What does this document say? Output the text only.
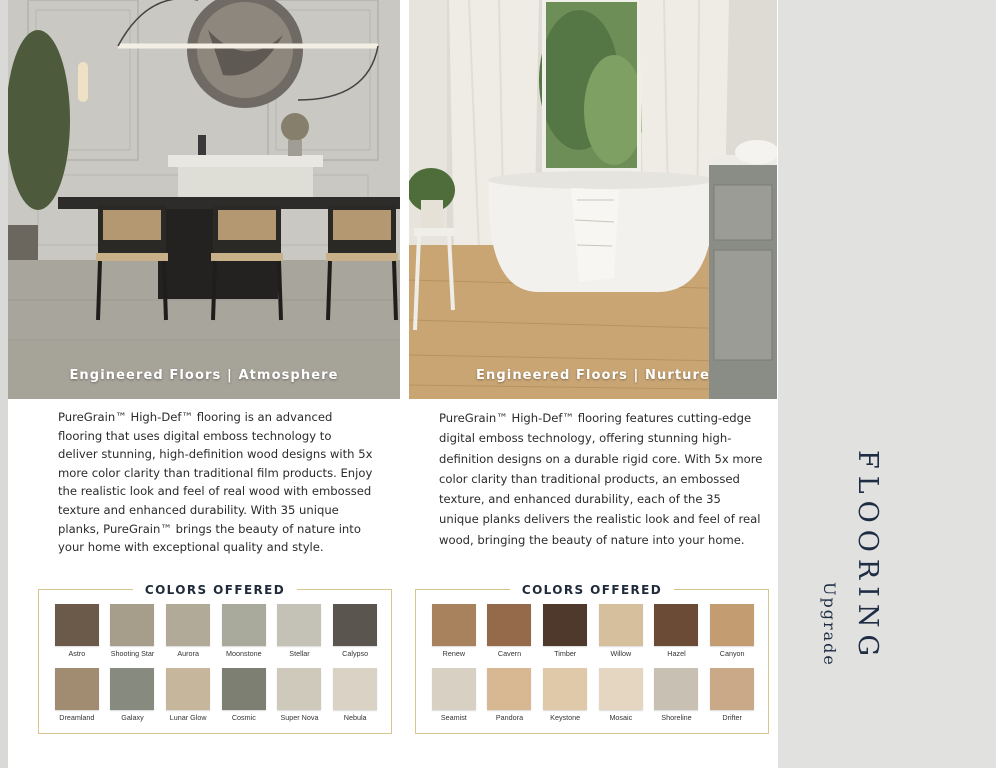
Engineered Floors | Atmosphere
PureGrain™ High-Def™ flooring is an advanced flooring that uses digital emboss technology to deliver stunning, high-definition wood designs with 5x more color clarity than traditional film products. Enjoy the realistic look and feel of real wood with embossed texture and enhanced durability. With 35 unique planks, PureGrain™ brings the beauty of nature into your home with exceptional quality and style.
COLORS OFFERED
Astro	Shooting Star	Aurora	Moonstone	Stellar	Calypso
Dreamland	Galaxy	Lunar Glow	Cosmic	Super Nova	Nebula
Engineered Floors | Nurture
PureGrain™ High-Def™ flooring features cutting-edge digital emboss technology, offering stunning high-definition designs on a durable rigid core. With 5x more color clarity than traditional products, an embossed texture, and enhanced durability, each of the 35 unique planks delivers the realistic look and feel of real wood, bringing the beauty of nature into your home.
COLORS OFFERED
Renew	Cavern	Timber	Willow	Hazel	Canyon
Seamist	Pandora	Keystone	Mosaic	Shoreline	Drifter
FLOORING
Upgrade
